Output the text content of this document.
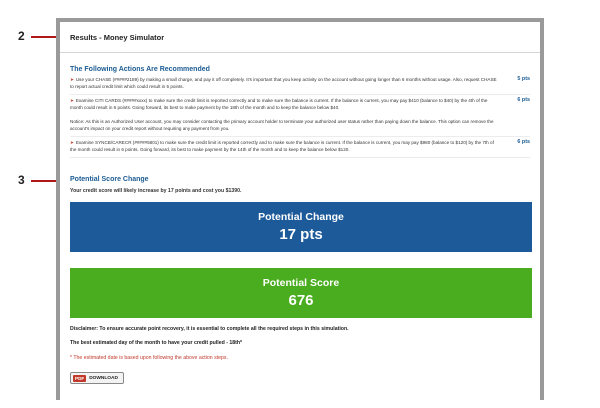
2
3
Results - Money Simulator
The Following Actions Are Recommended
➤ Use your CHASE (#####2189) by making a small charge, and pay it off completely. It's important that you keep activity on the account without going longer than 6 months without usage. Also, request CHASE to report actual credit limit which could result in 5 points.
5 pts
➤ Examine CITI CARDS (#####xxxx) to make sure the credit limit is reported correctly and to make sure the balance is current. If the balance is current, you may pay $410 (balance to $40) by the 4th of the month could result in 6 points. Going forward, its best to make payment by the 18th of the month and to keep the balance below $40.
6 pts
Notice: As this is an Authorized User account, you may consider contacting the primary account holder to terminate your authorized user status rather than paying down the balance. This option can remove the account's impact on your credit report without requiring any payment from you.
➤ Examine SYNCB/CARECR (#####5801) to make sure the credit limit is reported correctly and to make sure the balance is current. If the balance is current, you may pay $980 (balance to $120) by the 7th of the month could result in 6 points. Going forward, its best to make payment by the 14th of the month and to keep the balance below $120.
6 pts
Potential Score Change
Your credit score will likely increase by 17 points and cost you $1390.
Potential Change
17 pts
Potential Score
676
Disclaimer: To ensure accurate point recovery, it is essential to complete all the required steps in this simulation.
The best estimated day of the month to have your credit pulled - 18th*
* The estimated date is based upon following the above action steps.
PDF	DOWNLOAD
